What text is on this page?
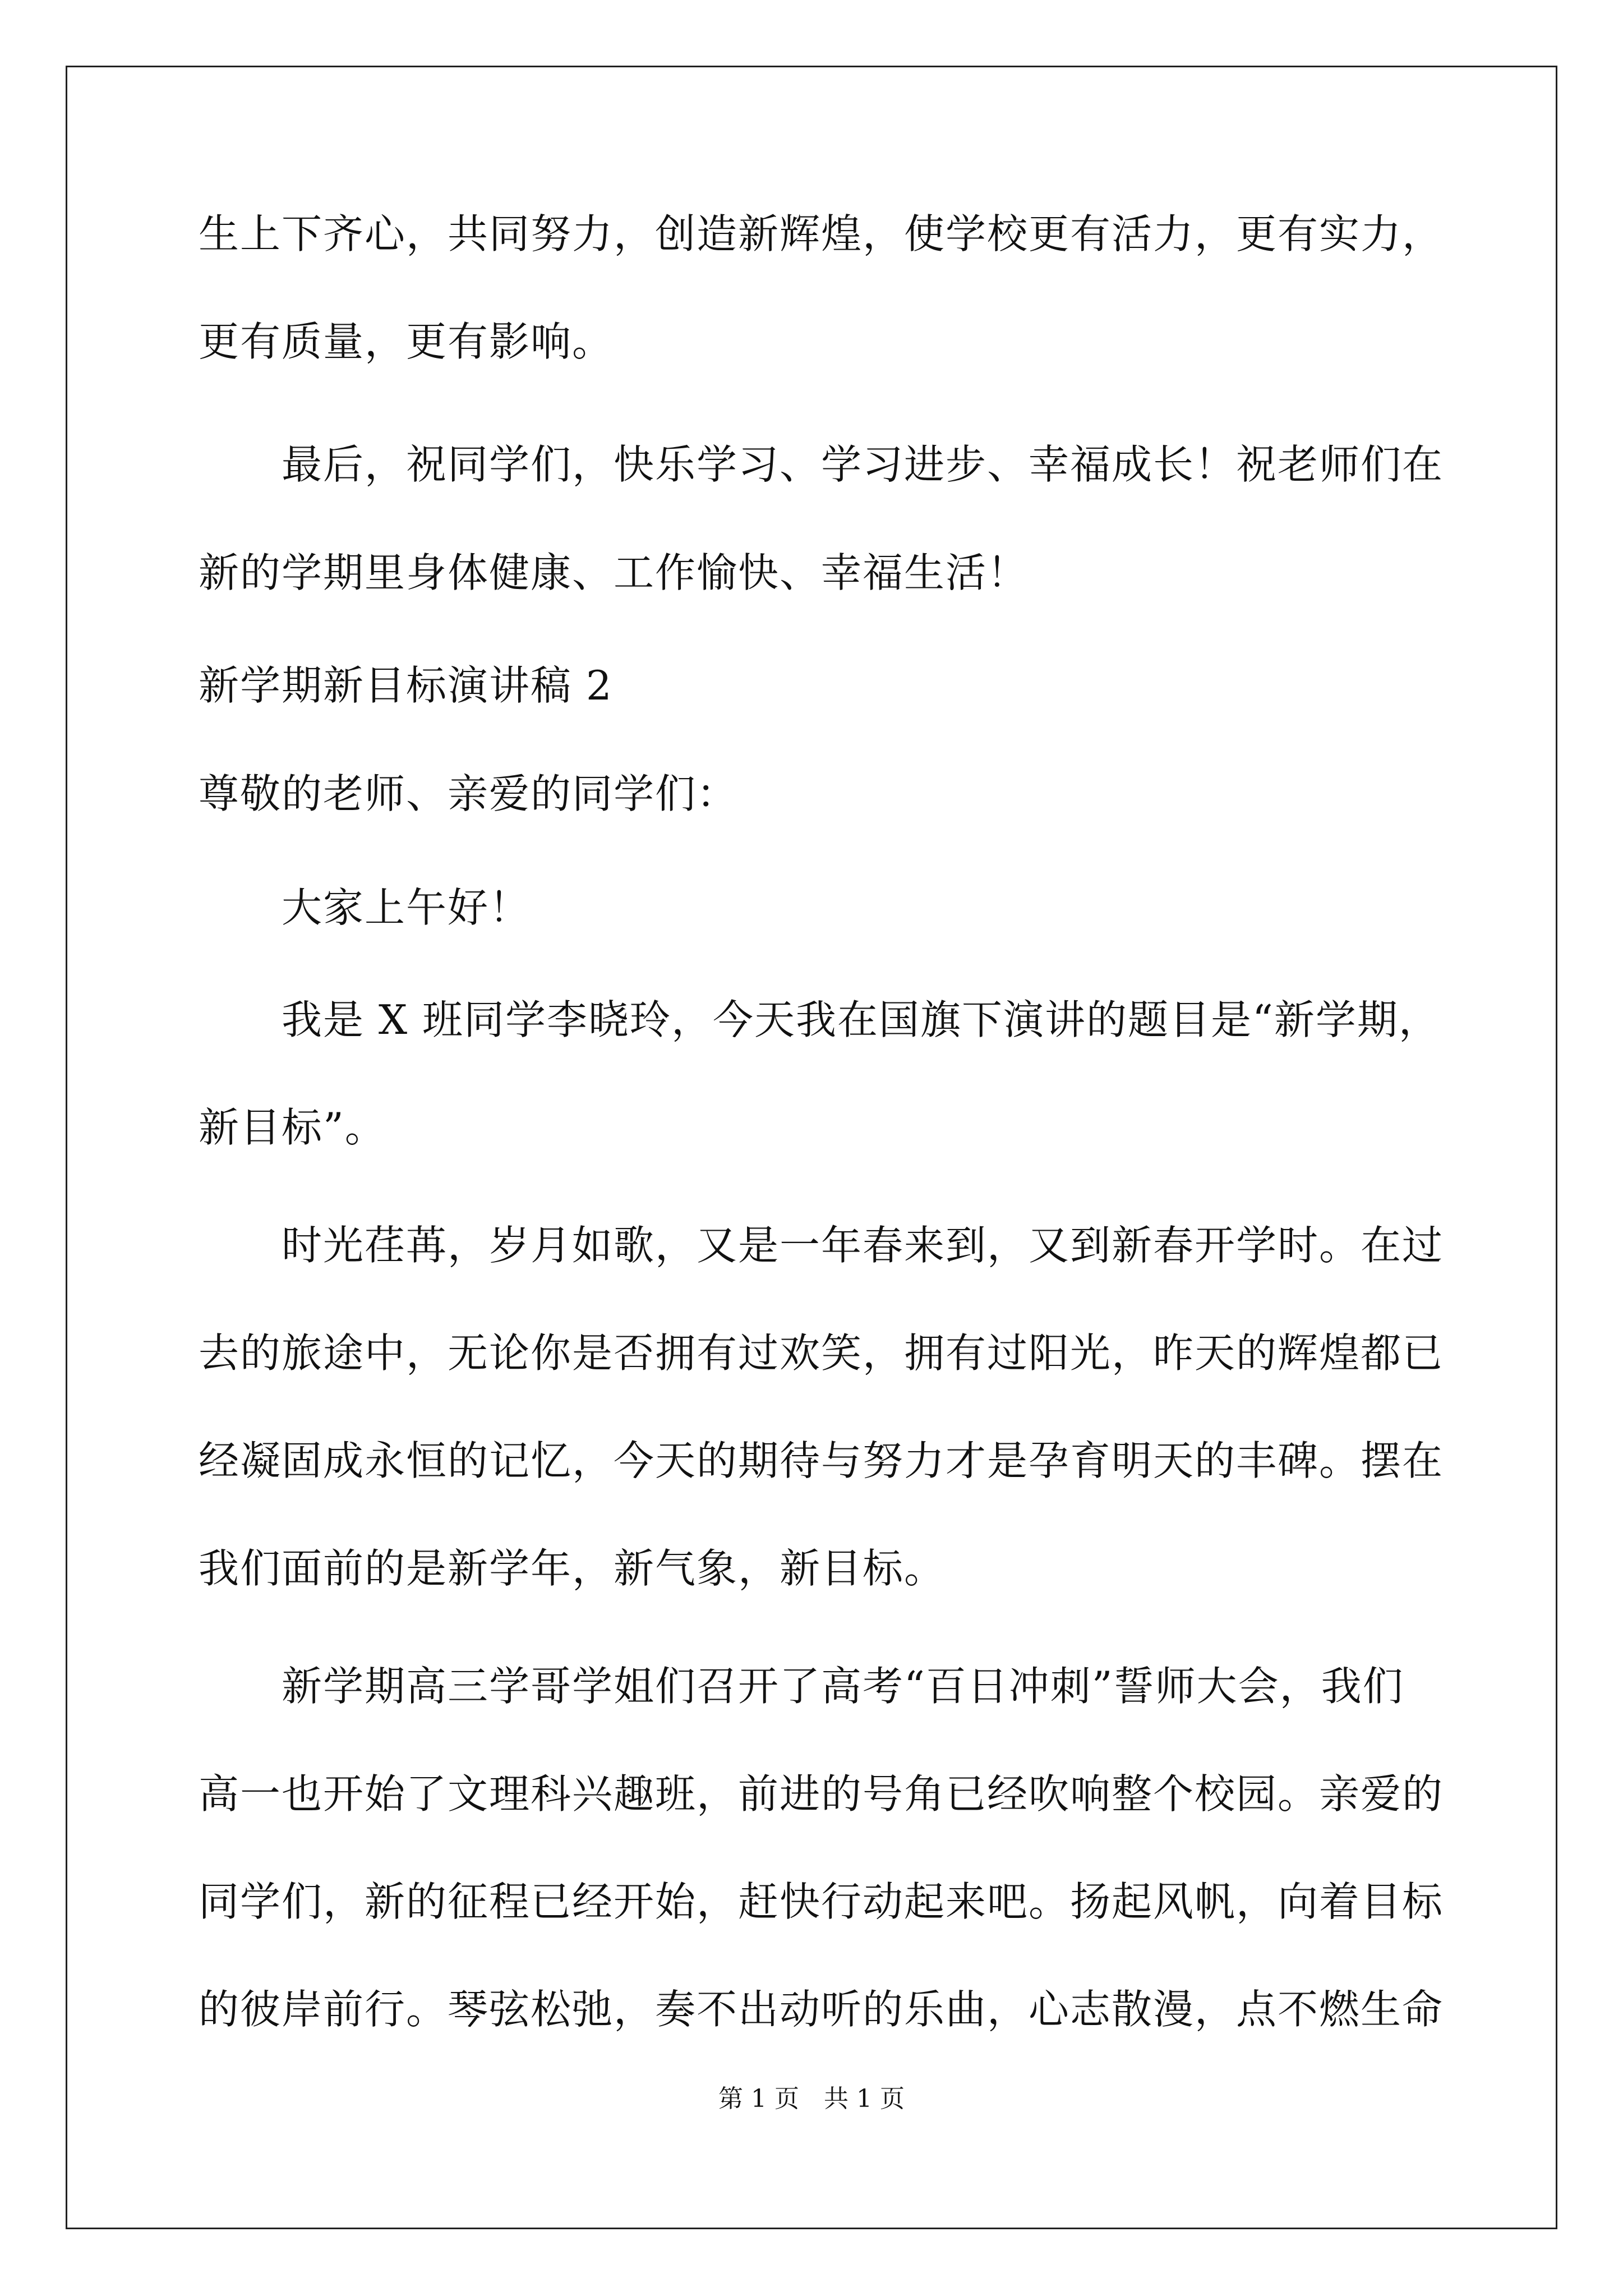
生上下齐心，共同努力，创造新辉煌，使学校更有活力，更有实力，
更有质量，更有影响。
　　最后，祝同学们，快乐学习、学习进步、幸福成长！祝老师们在
新的学期里身体健康、工作愉快、幸福生活！
新学期新目标演讲稿 2
尊敬的老师、亲爱的同学们：
　　大家上午好！
　　我是 X 班同学李晓玲，今天我在国旗下演讲的题目是“新学期，
新目标”。
　　时光荏苒，岁月如歌，又是一年春来到，又到新春开学时。在过
去的旅途中，无论你是否拥有过欢笑，拥有过阳光，昨天的辉煌都已
经凝固成永恒的记忆，今天的期待与努力才是孕育明天的丰碑。摆在
我们面前的是新学年，新气象，新目标。
　　新学期高三学哥学姐们召开了高考“百日冲刺”誓师大会，我们
高一也开始了文理科兴趣班，前进的号角已经吹响整个校园。亲爱的
同学们，新的征程已经开始，赶快行动起来吧。扬起风帆，向着目标
的彼岸前行。琴弦松弛，奏不出动听的乐曲，心志散漫，点不燃生命
第 1 页　共 1 页
